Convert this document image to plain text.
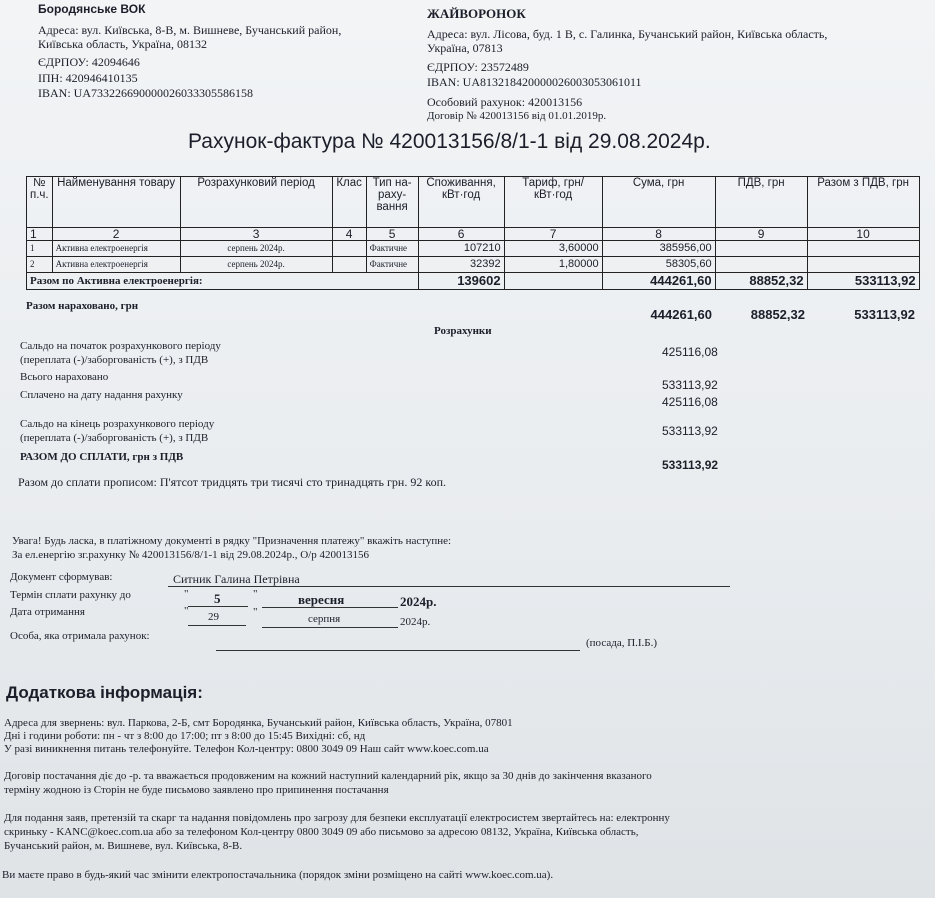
Бородянське ВОК
Адреса: вул. Київська, 8-В, м. Вишневе, Бучанський район,
Київська область, Україна, 08132
ЄДРПОУ: 42094646
ІПН: 420946410135
IBAN: UA733226690000026033305586158
ЖАЙВОРОНОК
Адреса: вул. Лісова, буд. 1 В, с. Галинка, Бучанський район, Київська область,
Україна, 07813
ЄДРПОУ: 23572489
IBAN: UA813218420000026003053061011
Особовий рахунок: 420013156
Договір № 420013156 від 01.01.2019р.
Рахунок-фактура № 420013156/8/1-1 від 29.08.2024р.
№ п.ч.	Найменування товару	Розрахунковий період	Клас	Тип на-раху-вання	Споживання, кВт·год	Тариф, грн/кВт·год	Сума, грн	ПДВ, грн	Разом з ПДВ, грн
1	2	3	4	5	6	7	8	9	10
1	Активна електроенергія	серпень 2024р.		Фактичне	107210	3,60000	385956,00		
2	Активна електроенергія	серпень 2024р.		Фактичне	32392	1,80000	58305,60		
Разом по Активна електроенергія:					139602		444261,60	88852,32	533113,92
Разом нараховано, грн
444261,60	88852,32	533113,92
Розрахунки
Сальдо на початок розрахункового періоду
(переплата (-)/заборгованість (+), з ПДВ
425116,08
Всього нараховано
533113,92
Сплачено на дату надання рахунку	425116,08
Сальдо на кінець розрахункового періоду
(переплата (-)/заборгованість (+), з ПДВ	533113,92
РАЗОМ ДО СПЛАТИ, грн з ПДВ
533113,92
Разом до сплати прописом: П'ятсот тридцять три тисячі сто тринадцять грн. 92 коп.
Увага! Будь ласка, в платіжному документі в рядку "Призначення платежу" вкажіть наступне:
За ел.енергію зг.рахунку № 420013156/8/1-1 від 29.08.2024р., О/р 420013156
Документ сформував:	Ситник Галина Петрівна
Термін сплати рахунку до	" 5	"	вересня	2024р.
Дата отримання	" 29	"
серпня	2024р.
Особа, яка отримала рахунок:
(посада, П.І.Б.)
Додаткова інформація:
Адреса для звернень: вул. Паркова, 2-Б, смт Бородянка, Бучанський район, Київська область, Україна, 07801
Дні і години роботи: пн - чт з 8:00 до 17:00; пт з 8:00 до 15:45 Вихідні: сб, нд
У разі виникнення питань телефонуйте. Телефон Кол-центру: 0800 3049 09 Наш сайт www.koec.com.ua
Договір постачання діє до -р. та вважається продовженим на кожний наступний календарний рік, якщо за 30 днів до закінчення вказаного
терміну жодною із Сторін не буде письмово заявлено про припинення постачання
Для подання заяв, претензій та скарг та надання повідомлень про загрозу для безпеки експлуатації електросистем звертайтесь на: електронну
скриньку - KANC@koec.com.ua або за телефоном Кол-центру 0800 3049 09 або письмово за адресою 08132, Україна, Київська область,
Бучанський район, м. Вишневе, вул. Київська, 8-В.
Ви маєте право в будь-який час змінити електропостачальника (порядок зміни розміщено на сайті www.koec.com.ua).
